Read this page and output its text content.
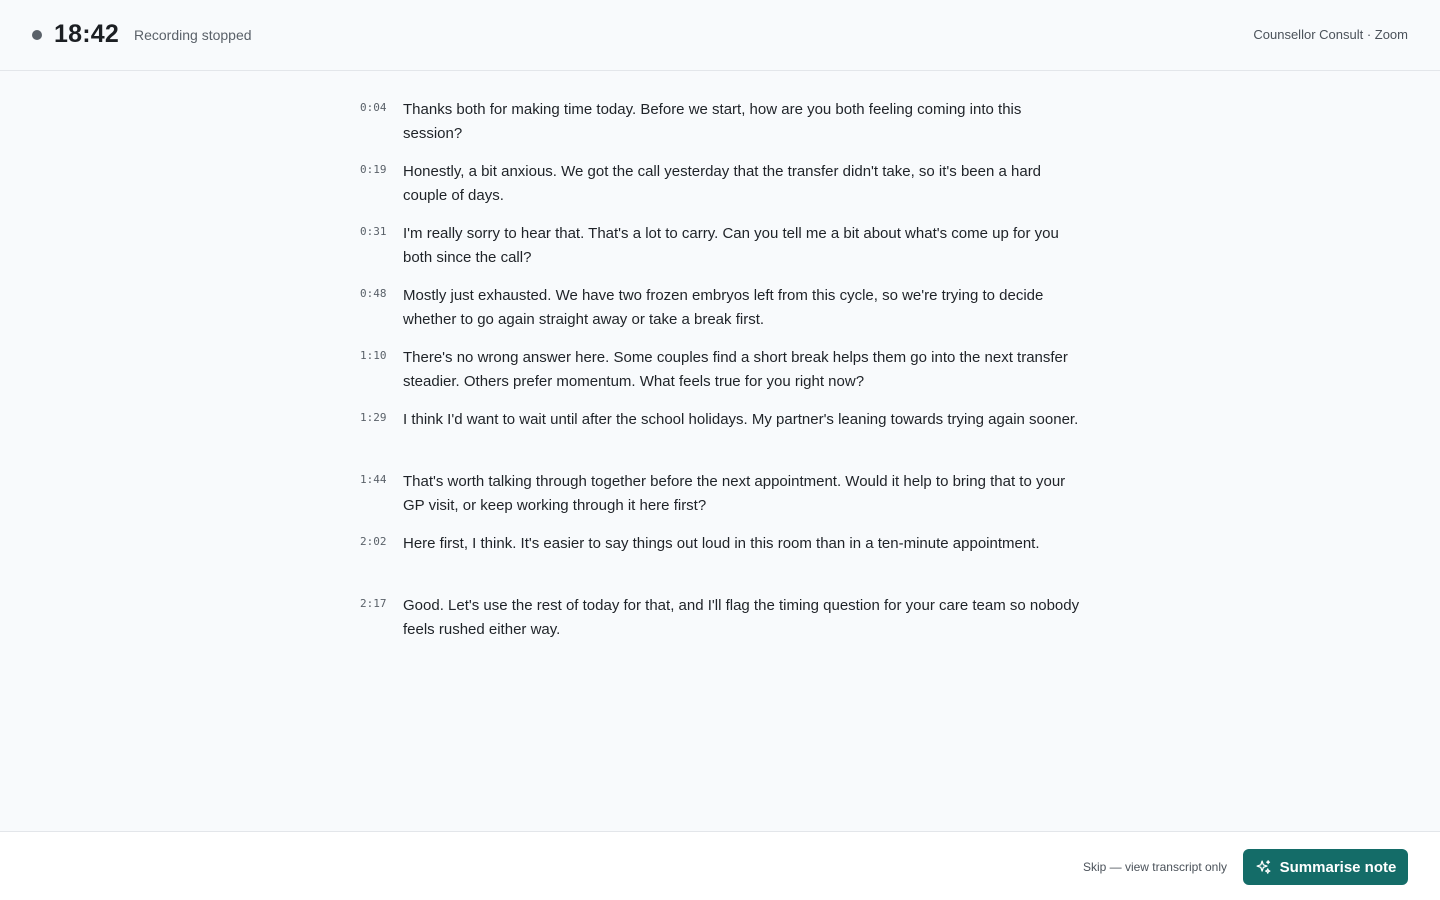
18:42 Recording stopped	Counsellor Consult · Zoom
0:04	Thanks both for making time today. Before we start, how are you both feeling coming into this session?

0:19	Honestly, a bit anxious. We got the call yesterday that the transfer didn't take, so it's been a hard couple of days.

0:31	I'm really sorry to hear that. That's a lot to carry. Can you tell me a bit about what's come up for you both since the call?

0:48	Mostly just exhausted. We have two frozen embryos left from this cycle, so we're trying to decide whether to go again straight away or take a break first.

1:10	There's no wrong answer here. Some couples find a short break helps them go into the next transfer steadier. Others prefer momentum. What feels true for you right now?

1:29	I think I'd want to wait until after the school holidays. My partner's leaning towards trying again sooner.

1:44	That's worth talking through together before the next appointment. Would it help to bring that to your GP visit, or keep working through it here first?

2:02	Here first, I think. It's easier to say things out loud in this room than in a ten-minute appointment.

2:17	Good. Let's use the rest of today for that, and I'll flag the timing question for your care team so nobody feels rushed either way.

Skip — view transcript only	Summarise note
